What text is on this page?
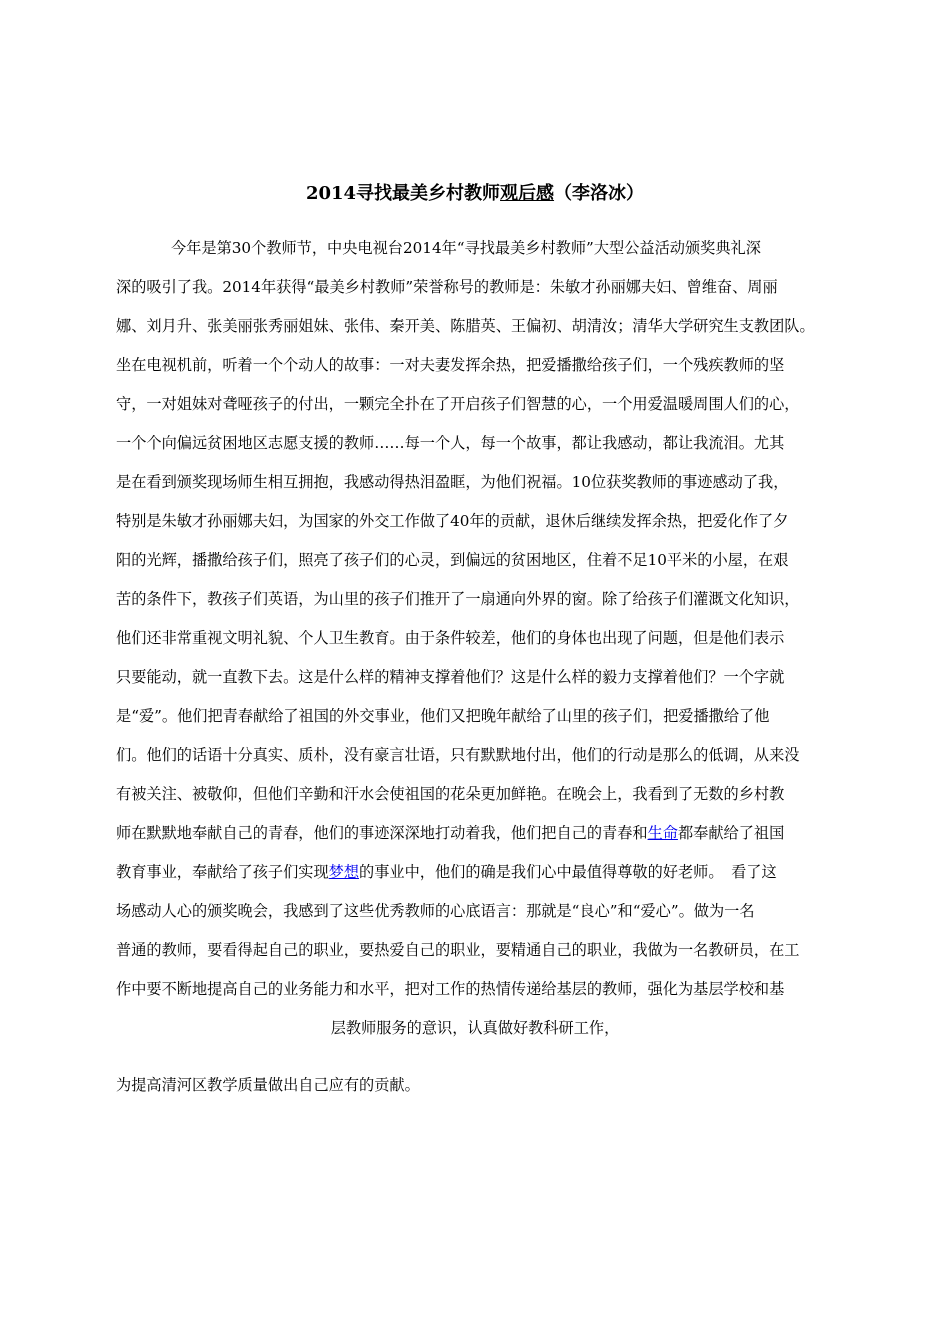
2014寻找最美乡村教师观后感（李洛冰）
今年是第30个教师节，中央电视台2014年“寻找最美乡村教师”大型公益活动颁奖典礼深
深的吸引了我。2014年获得“最美乡村教师”荣誉称号的教师是：朱敏才孙丽娜夫妇、曾维奋、周丽
娜、刘月升、张美丽张秀丽姐妹、张伟、秦开美、陈腊英、王偏初、胡清汝；清华大学研究生支教团队。
坐在电视机前，听着一个个动人的故事：一对夫妻发挥余热，把爱播撒给孩子们，一个残疾教师的坚
守，一对姐妹对聋哑孩子的付出，一颗完全扑在了开启孩子们智慧的心，一个用爱温暖周围人们的心，
一个个向偏远贫困地区志愿支援的教师……每一个人，每一个故事，都让我感动，都让我流泪。尤其
是在看到颁奖现场师生相互拥抱，我感动得热泪盈眶，为他们祝福。10位获奖教师的事迹感动了我，
特别是朱敏才孙丽娜夫妇，为国家的外交工作做了40年的贡献，退休后继续发挥余热，把爱化作了夕
阳的光辉，播撒给孩子们，照亮了孩子们的心灵，到偏远的贫困地区，住着不足10平米的小屋，在艰
苦的条件下，教孩子们英语，为山里的孩子们推开了一扇通向外界的窗。除了给孩子们灌溉文化知识，
他们还非常重视文明礼貌、个人卫生教育。由于条件较差，他们的身体也出现了问题，但是他们表示
只要能动，就一直教下去。这是什么样的精神支撑着他们？这是什么样的毅力支撑着他们？一个字就
是“爱”。他们把青春献给了祖国的外交事业，他们又把晚年献给了山里的孩子们，把爱播撒给了他
们。他们的话语十分真实、质朴，没有豪言壮语，只有默默地付出，他们的行动是那么的低调，从来没
有被关注、被敬仰，但他们辛勤和汗水会使祖国的花朵更加鲜艳。在晚会上，我看到了无数的乡村教
师在默默地奉献自己的青春，他们的事迹深深地打动着我，他们把自己的青春和生命都奉献给了祖国
教育事业，奉献给了孩子们实现梦想的事业中，他们的确是我们心中最值得尊敬的好老师。　看了这
场感动人心的颁奖晚会，我感到了这些优秀教师的心底语言：那就是“良心”和“爱心”。做为一名
普通的教师，要看得起自己的职业，要热爱自己的职业，要精通自己的职业，我做为一名教研员，在工
作中要不断地提高自己的业务能力和水平，把对工作的热情传递给基层的教师，强化为基层学校和基
层教师服务的意识，认真做好教科研工作，
为提高清河区教学质量做出自己应有的贡献。
